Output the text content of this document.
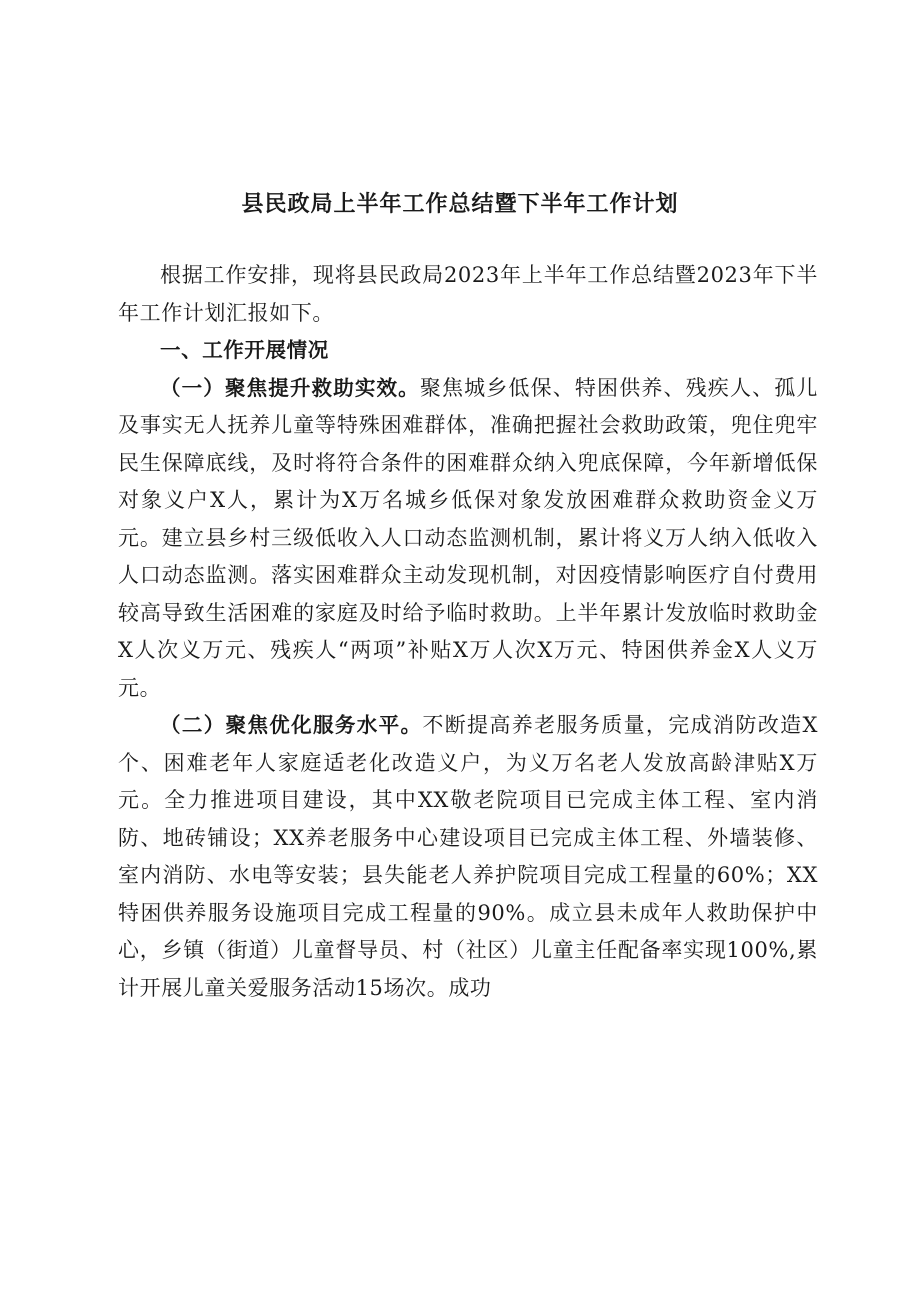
县民政局上半年工作总结暨下半年工作计划

根据工作安排，现将县民政局2023年上半年工作总结暨2023年下半年工作计划汇报如下。

一、工作开展情况

（一）聚焦提升救助实效。聚焦城乡低保、特困供养、残疾人、孤儿及事实无人抚养儿童等特殊困难群体，准确把握社会救助政策，兜住兜牢民生保障底线，及时将符合条件的困难群众纳入兜底保障，今年新增低保对象义户X人，累计为X万名城乡低保对象发放困难群众救助资金义万元。建立县乡村三级低收入人口动态监测机制，累计将义万人纳入低收入人口动态监测。落实困难群众主动发现机制，对因疫情影响医疗自付费用较高导致生活困难的家庭及时给予临时救助。上半年累计发放临时救助金X人次义万元、残疾人“两项”补贴X万人次X万元、特困供养金X人义万元。

（二）聚焦优化服务水平。不断提高养老服务质量，完成消防改造X个、困难老年人家庭适老化改造义户，为义万名老人发放高龄津贴X万元。全力推进项目建设，其中XX敬老院项目已完成主体工程、室内消防、地砖铺设；XX养老服务中心建设项目已完成主体工程、外墙装修、室内消防、水电等安装；县失能老人养护院项目完成工程量的60%；XX特困供养服务设施项目完成工程量的90%。成立县未成年人救助保护中心，乡镇（街道）儿童督导员、村（社区）儿童主任配备率实现100%,累计开展儿童关爱服务活动15场次。成功
